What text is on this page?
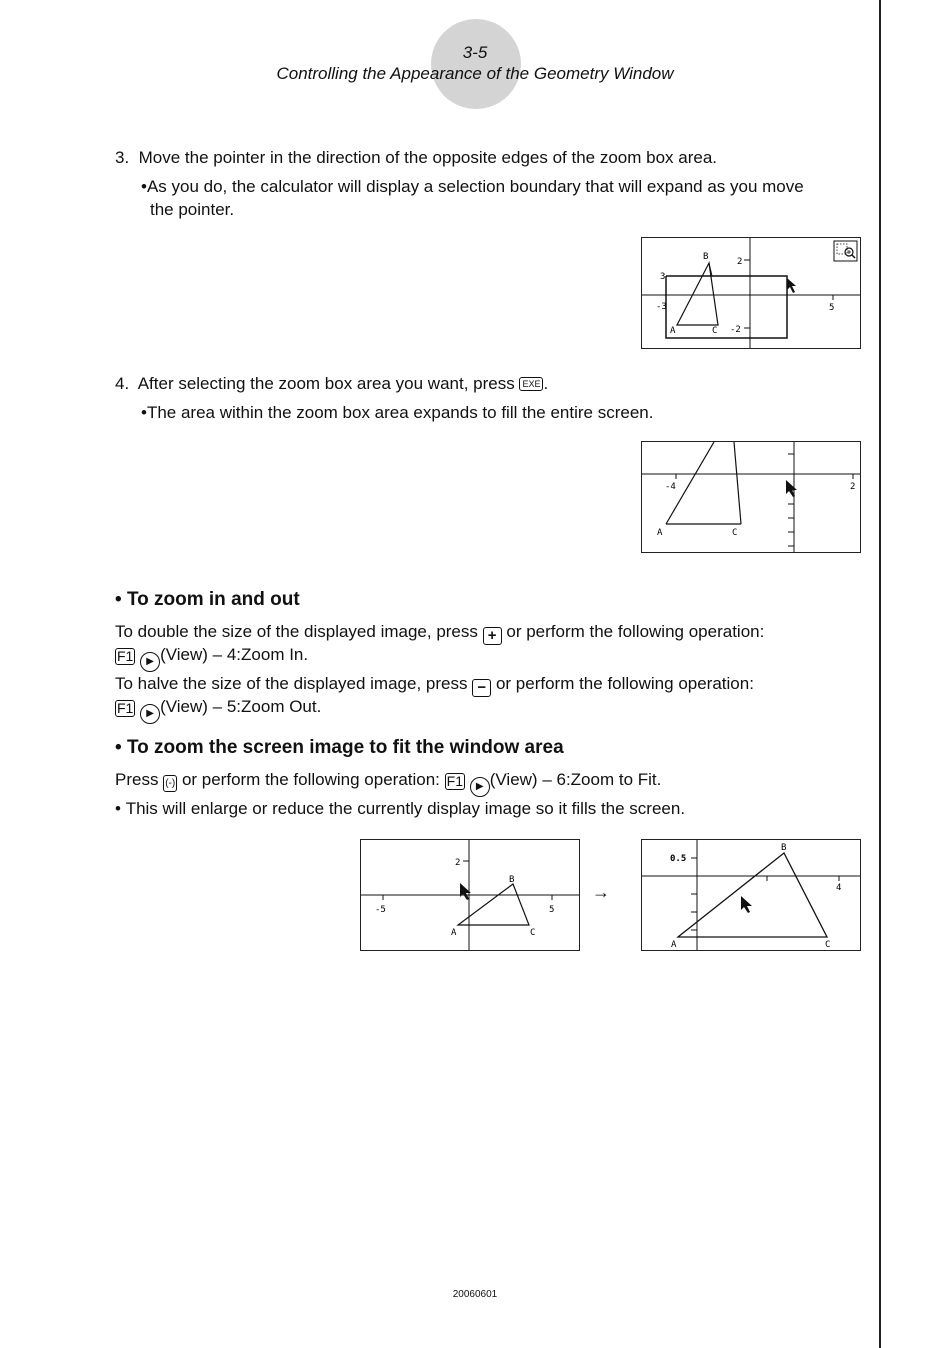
3-5
Controlling the Appearance of the Geometry Window
3. Move the pointer in the direction of the opposite edges of the zoom box area.
•As you do, the calculator will display a selection boundary that will expand as you move
the pointer.
B
A	C
2
-2
5
-3
3
4. After selecting the zoom box area you want, press EXE .
•The area within the zoom box area expands to fill the entire screen.
-4	2
A	C
• To zoom in and out
To double the size of the displayed image, press + or perform the following operation:
F1 ▶ (View) – 4:Zoom In.
To halve the size of the displayed image, press − or perform the following operation:
F1 ▶ (View) – 5:Zoom Out.
• To zoom the screen image to fit the window area
Press (-) or perform the following operation: F1 ▶ (View) – 6:Zoom to Fit.
• This will enlarge or reduce the currently display image so it fills the screen.
2
-5	5
B
A	C
→
0.5
4
B
A	C
20060601
